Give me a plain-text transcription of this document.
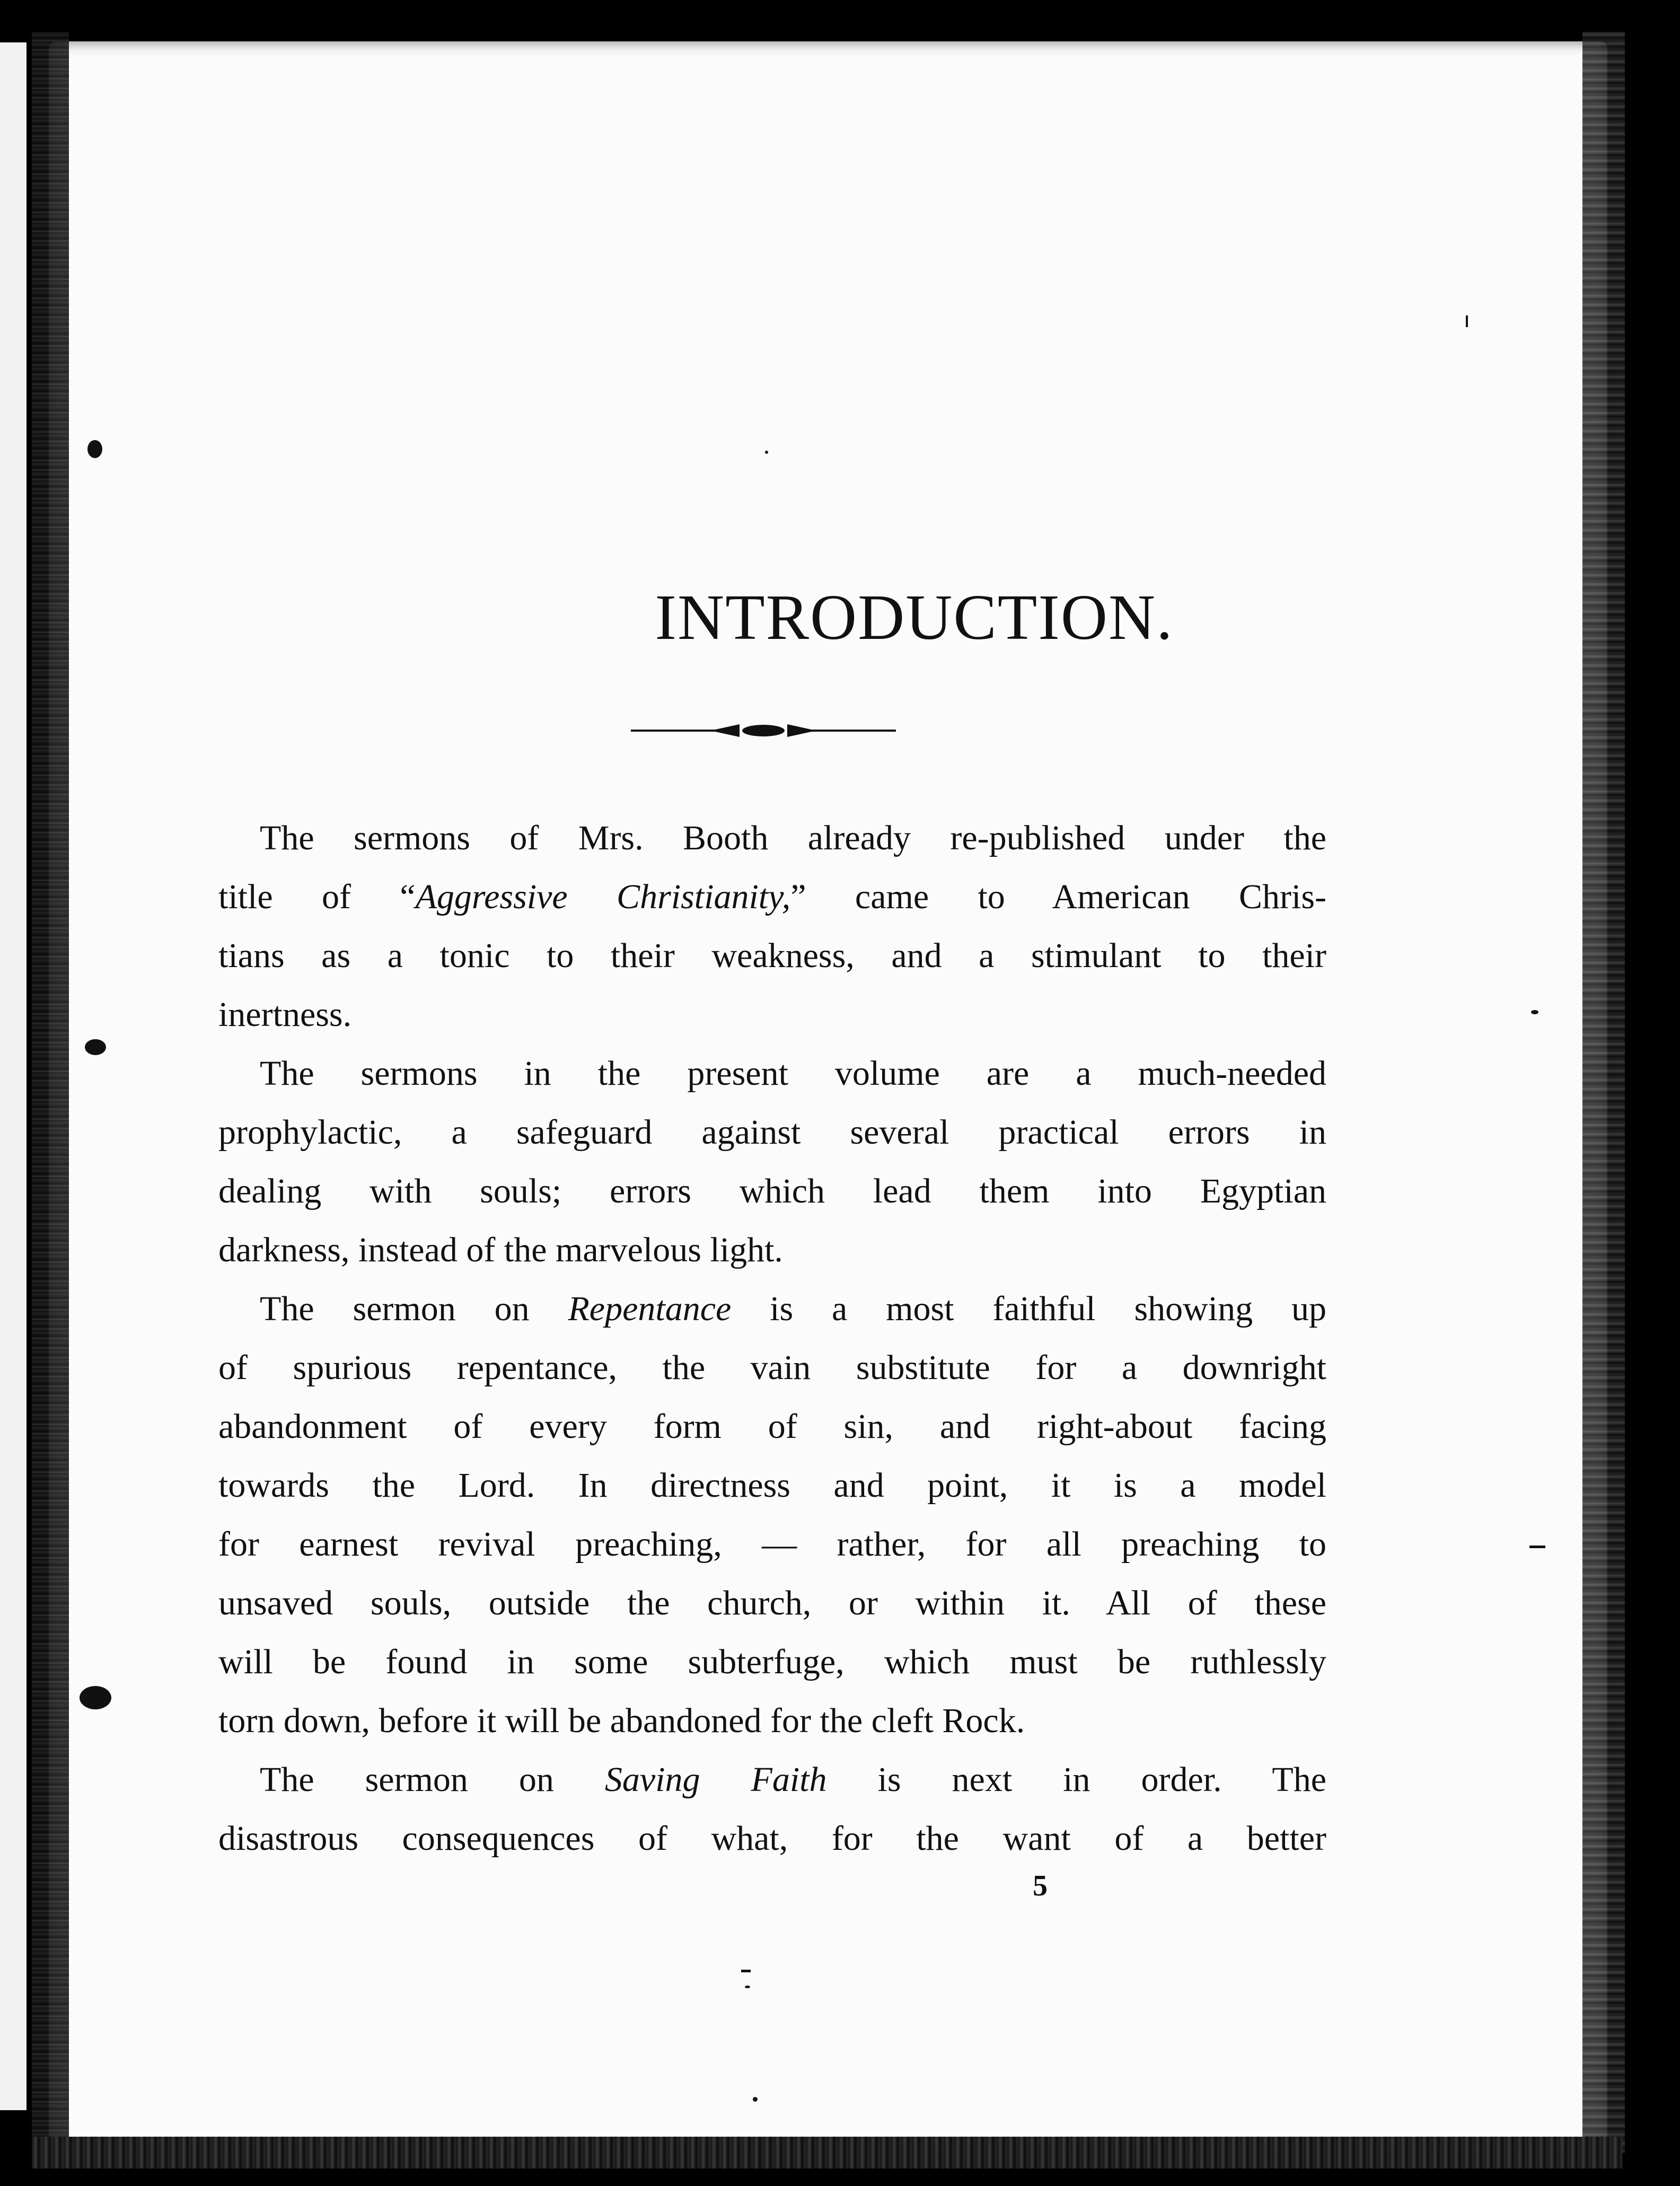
INTRODUCTION.
The sermons of Mrs. Booth already re-published under the
title of “Aggressive Christianity,” came to American Chris-
tians as a tonic to their weakness, and a stimulant to their
inertness.
The sermons in the present volume are a much-needed
prophylactic, a safeguard against several practical errors in
dealing with souls; errors which lead them into Egyptian
darkness, instead of the marvelous light.
The sermon on Repentance is a most faithful showing up
of spurious repentance, the vain substitute for a downright
abandonment of every form of sin, and right-about facing
towards the Lord. In directness and point, it is a model
for earnest revival preaching, — rather, for all preaching to
unsaved souls, outside the church, or within it. All of these
will be found in some subterfuge, which must be ruthlessly
torn down, before it will be abandoned for the cleft Rock.
The sermon on Saving Faith is next in order. The
disastrous consequences of what, for the want of a better
5
